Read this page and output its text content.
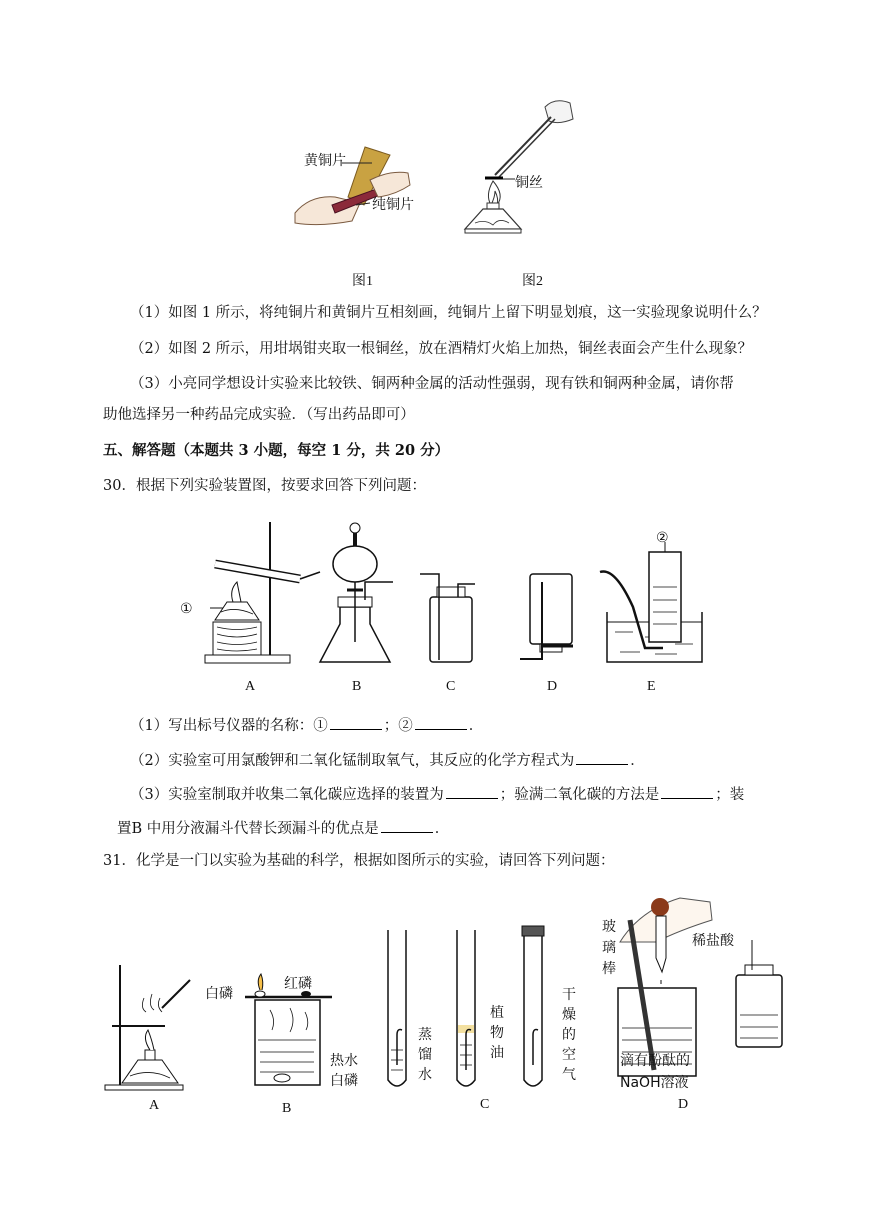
黄铜片
纯铜片
图1
铜丝
图2
（1）如图 1 所示，将纯铜片和黄铜片互相刻画，纯铜片上留下明显划痕，这一实验现象说明什么？
（2）如图 2 所示，用坩埚钳夹取一根铜丝，放在酒精灯火焰上加热，铜丝表面会产生什么现象？
（3）小亮同学想设计实验来比较铁、铜两种金属的活动性强弱，现有铁和铜两种金属，请你帮
助他选择另一种药品完成实验．（写出药品即可）
五、解答题（本题共 3 小题，每空 1 分，共 20 分）
30．根据下列实验装置图，按要求回答下列问题：
①
②
A	B	C	D	E
（1）写出标号仪器的名称：①	；②	．
（2）实验室可用氯酸钾和二氧化锰制取氧气，其反应的化学方程式为	．
（3）实验室制取并收集二氧化碳应选择的装置为	；验满二氧化碳的方法是	；装
置B 中用分液漏斗代替长颈漏斗的优点是	．
31．化学是一门以实验为基础的科学，根据如图所示的实验，请回答下列问题：
红磷
白磷
热水
白磷
蒸
馏
水
植
物
油
干
燥
的
空
气
玻
璃
棒
稀盐酸
滴有酚酞的
NaOH溶液
A	B	C	D
